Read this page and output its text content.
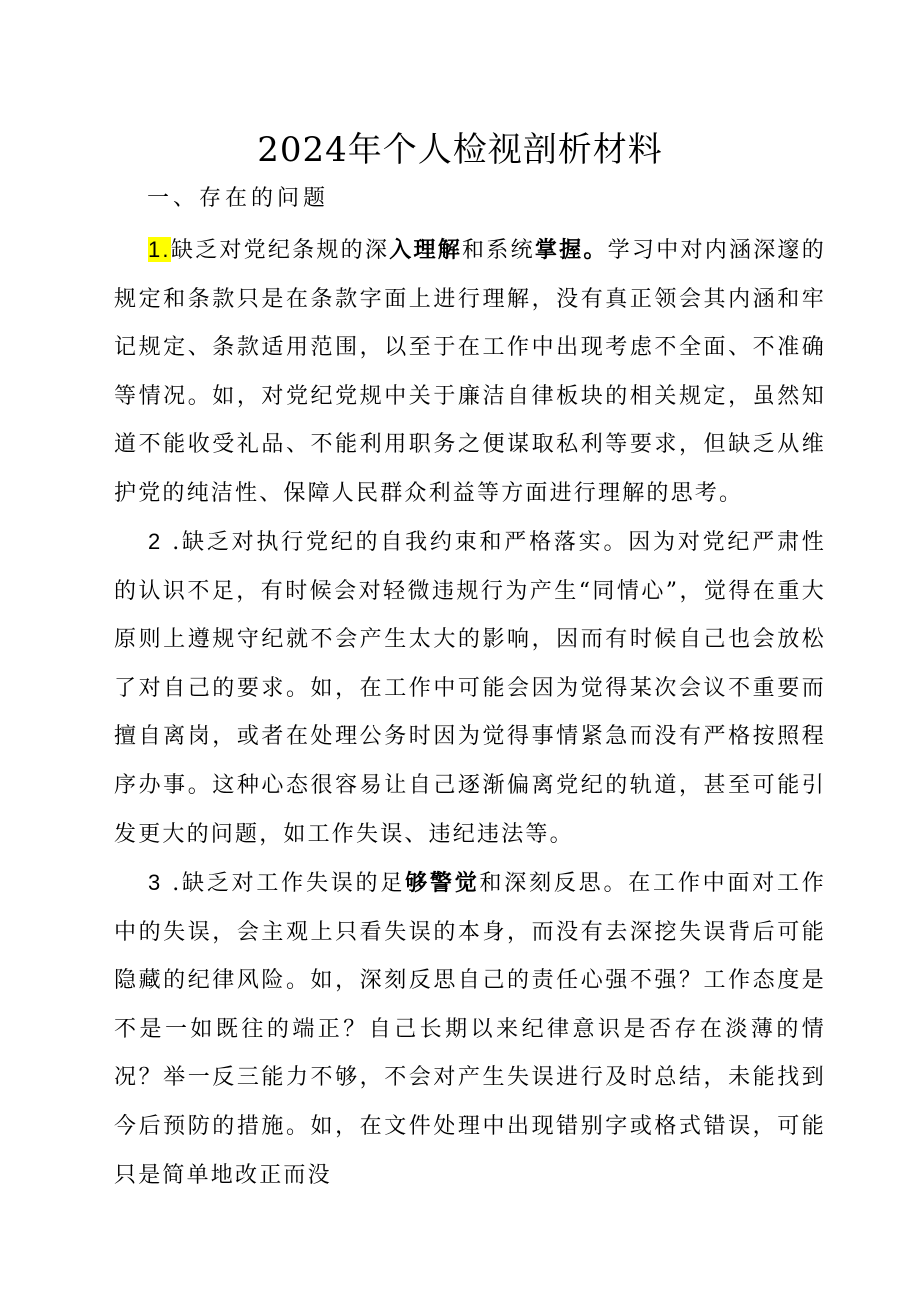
2024年个人检视剖析材料
一、存在的问题

1.缺乏对党纪条规的深入理解和系统掌握。学习中对内涵深邃的规定和条款只是在条款字面上进行理解，没有真正领会其内涵和牢记规定、条款适用范围，以至于在工作中出现考虑不全面、不准确等情况。如，对党纪党规中关于廉洁自律板块的相关规定，虽然知道不能收受礼品、不能利用职务之便谋取私利等要求，但缺乏从维护党的纯洁性、保障人民群众利益等方面进行理解的思考。

2 .缺乏对执行党纪的自我约束和严格落实。因为对党纪严肃性的认识不足，有时候会对轻微违规行为产生“同情心”，觉得在重大原则上遵规守纪就不会产生太大的影响，因而有时候自己也会放松了对自己的要求。如，在工作中可能会因为觉得某次会议不重要而擅自离岗，或者在处理公务时因为觉得事情紧急而没有严格按照程序办事。这种心态很容易让自己逐渐偏离党纪的轨道，甚至可能引发更大的问题，如工作失误、违纪违法等。

3 .缺乏对工作失误的足够警觉和深刻反思。在工作中面对工作中的失误，会主观上只看失误的本身，而没有去深挖失误背后可能隐藏的纪律风险。如，深刻反思自己的责任心强不强？工作态度是不是一如既往的端正？自己长期以来纪律意识是否存在淡薄的情况？举一反三能力不够，不会对产生失误进行及时总结，未能找到今后预防的措施。如，在文件处理中出现错别字或格式错误，可能只是简单地改正而没
